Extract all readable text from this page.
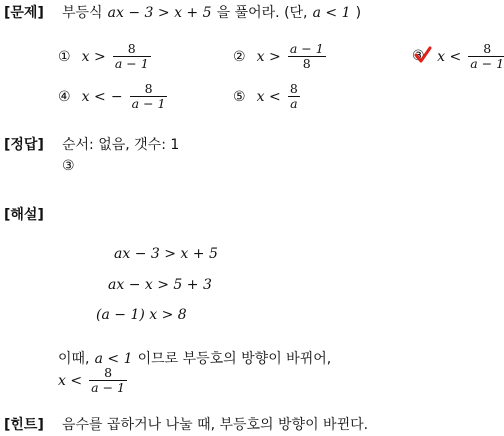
[문제] 부등식 ax − 3 > x + 5 을 풀어라. (단, a < 1 )
① $x > \frac{8}{a - 1}$	② $x > \frac{a - 1}{8}$	③ $x < \frac{8}{a - 1}$
④ x < − $\frac{8}{a - 1}$	⑤ $x < \frac{8}{a}$
[정답] 순서: 없음, 갯수: 1
③
[해설]
ax − 3 > x + 5
ax − x > 5 + 3
(a − 1) x > 8
이때, a < 1 이므로 부등호의 방향이 바뀌어,
$x < \frac{8}{a - 1}$
[힌트] 음수를 곱하거나 나눌 때, 부등호의 방향이 바뀐다.
